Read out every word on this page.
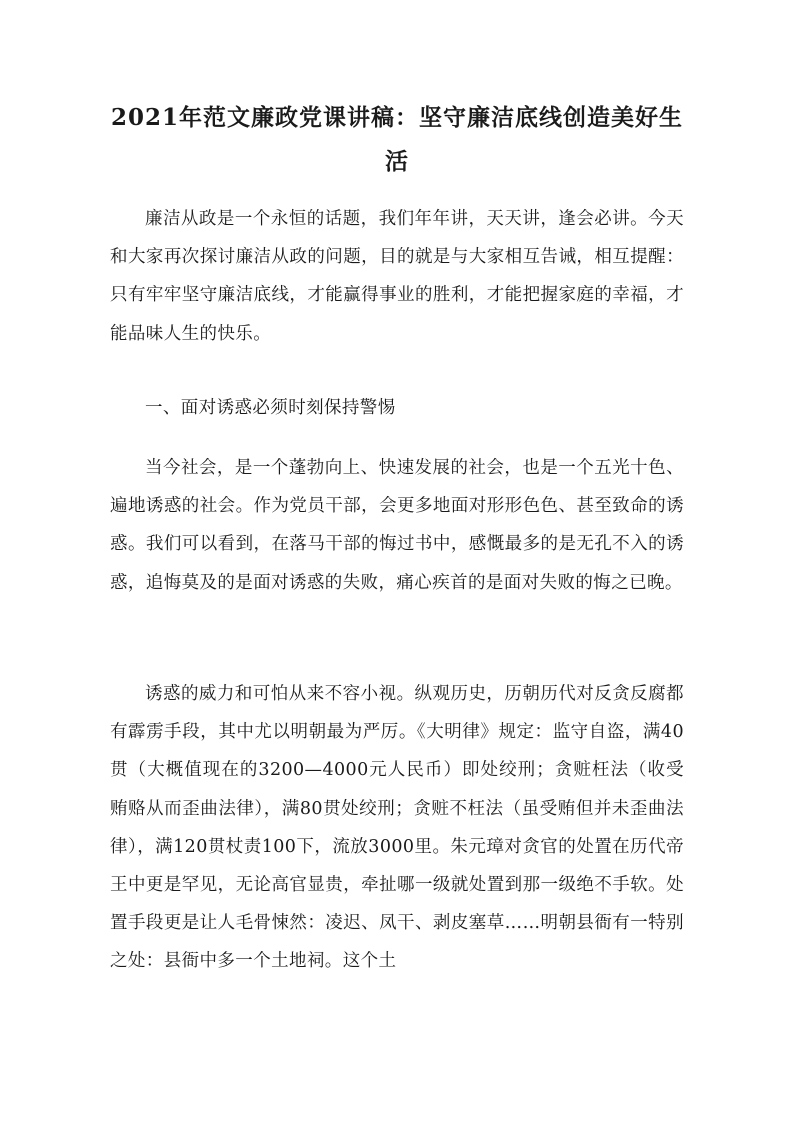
2021年范文廉政党课讲稿：坚守廉洁底线创造美好生活

廉洁从政是一个永恒的话题，我们年年讲，天天讲，逢会必讲。今天和大家再次探讨廉洁从政的问题，目的就是与大家相互告诫，相互提醒：只有牢牢坚守廉洁底线，才能赢得事业的胜利，才能把握家庭的幸福，才能品味人生的快乐。

一、面对诱惑必须时刻保持警惕

当今社会，是一个蓬勃向上、快速发展的社会，也是一个五光十色、遍地诱惑的社会。作为党员干部，会更多地面对形形色色、甚至致命的诱惑。我们可以看到，在落马干部的悔过书中，感慨最多的是无孔不入的诱惑，追悔莫及的是面对诱惑的失败，痛心疾首的是面对失败的悔之已晚。

诱惑的威力和可怕从来不容小视。纵观历史，历朝历代对反贪反腐都有霹雳手段，其中尤以明朝最为严厉。《大明律》规定：监守自盗，满40贯（大概值现在的3200—4000元人民币）即处绞刑；贪赃枉法（收受贿赂从而歪曲法律），满80贯处绞刑；贪赃不枉法（虽受贿但并未歪曲法律），满120贯杖责100下，流放3000里。朱元璋对贪官的处置在历代帝王中更是罕见，无论高官显贵，牵扯哪一级就处置到那一级绝不手软。处置手段更是让人毛骨悚然：凌迟、凤干、剥皮塞草……明朝县衙有一特别之处：县衙中多一个土地祠。这个土
